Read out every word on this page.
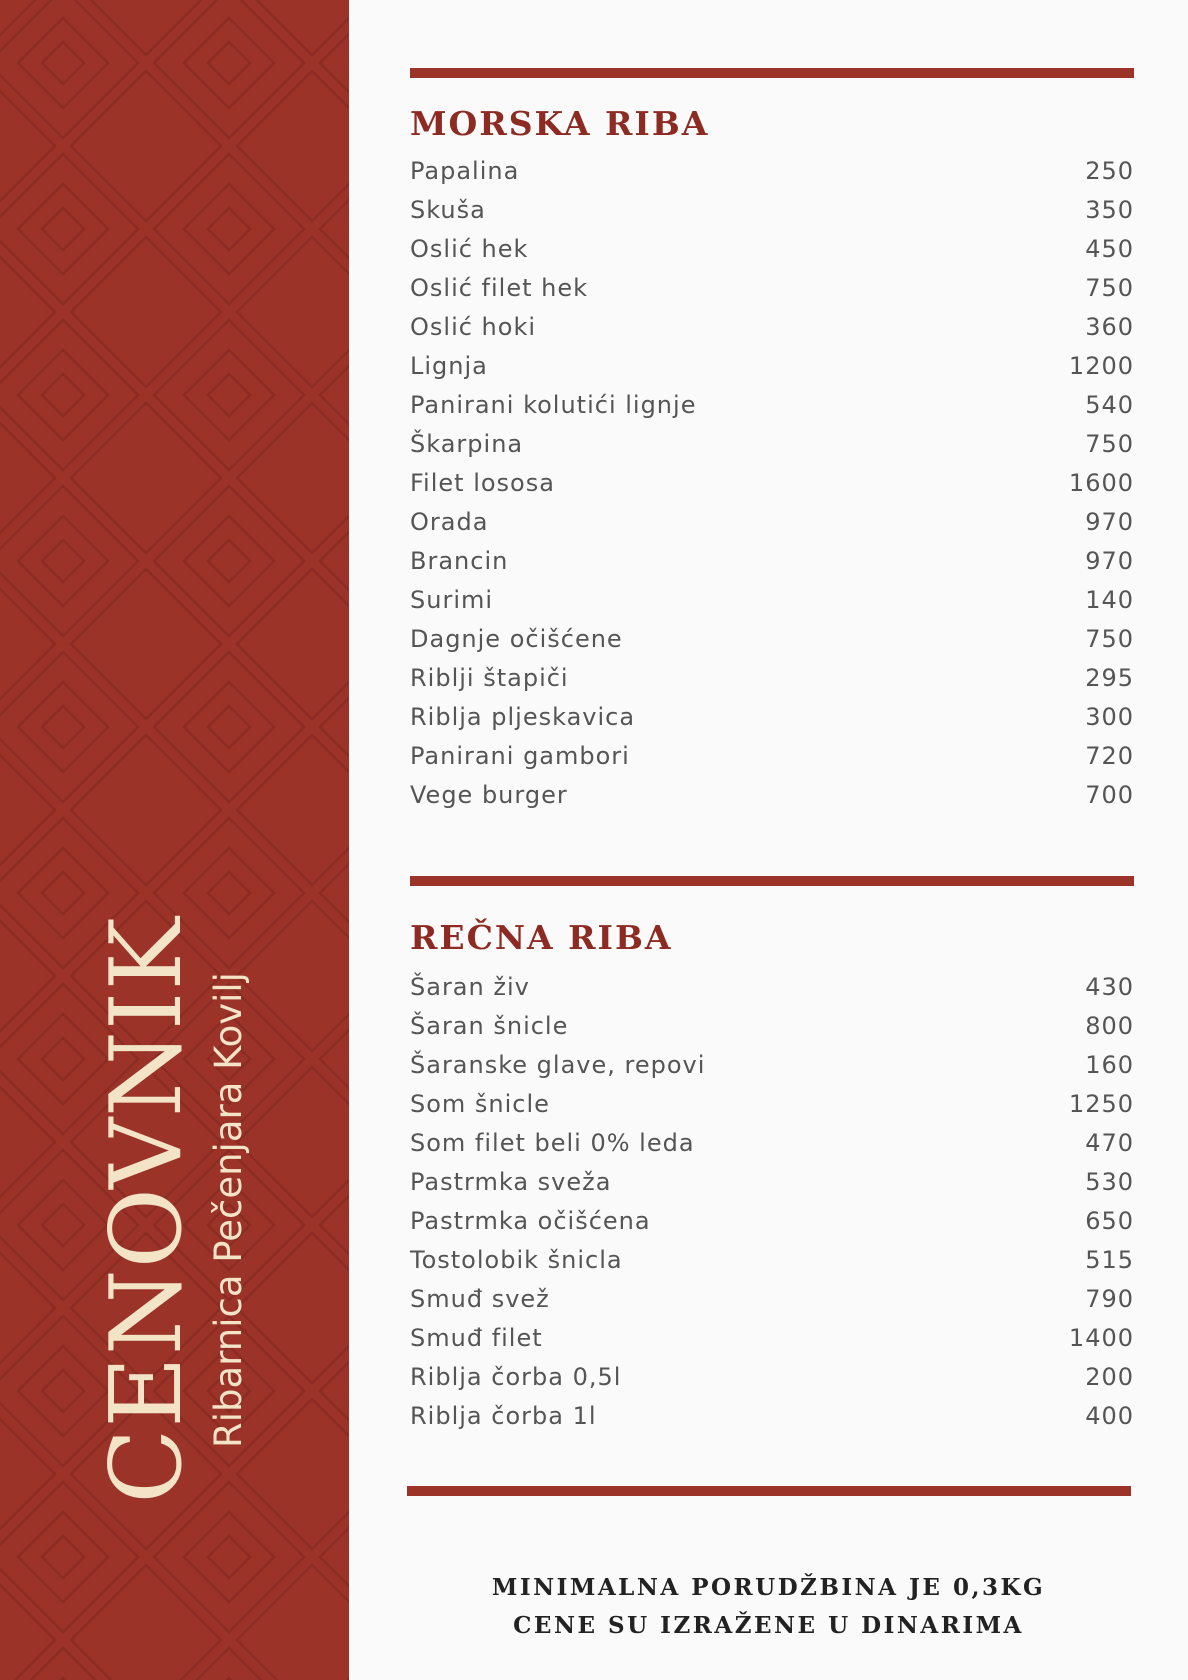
CENOVNIK Ribarnica Pečenjara Kovilj
MORSKA RIBA
Papalina	250
Skuša	350
Oslić hek	450
Oslić filet hek	750
Oslić hoki	360
Lignja	1200
Panirani kolutići lignje	540
Škarpina	750
Filet lososa	1600
Orada	970
Brancin	970
Surimi	140
Dagnje očišćene	750
Riblji štapiči	295
Riblja pljeskavica	300
Panirani gambori	720
Vege burger	700
REČNA RIBA
Šaran živ	430
Šaran šnicle	800
Šaranske glave, repovi	160
Som šnicle	1250
Som filet beli 0% leda	470
Pastrmka sveža	530
Pastrmka očišćena	650
Tostolobik šnicla	515
Smuđ svež	790
Smuđ filet	1400
Riblja čorba 0,5l	200
Riblja čorba 1l	400
MINIMALNA PORUDŽBINA JE 0,3KG
CENE SU IZRAŽENE U DINARIMA
